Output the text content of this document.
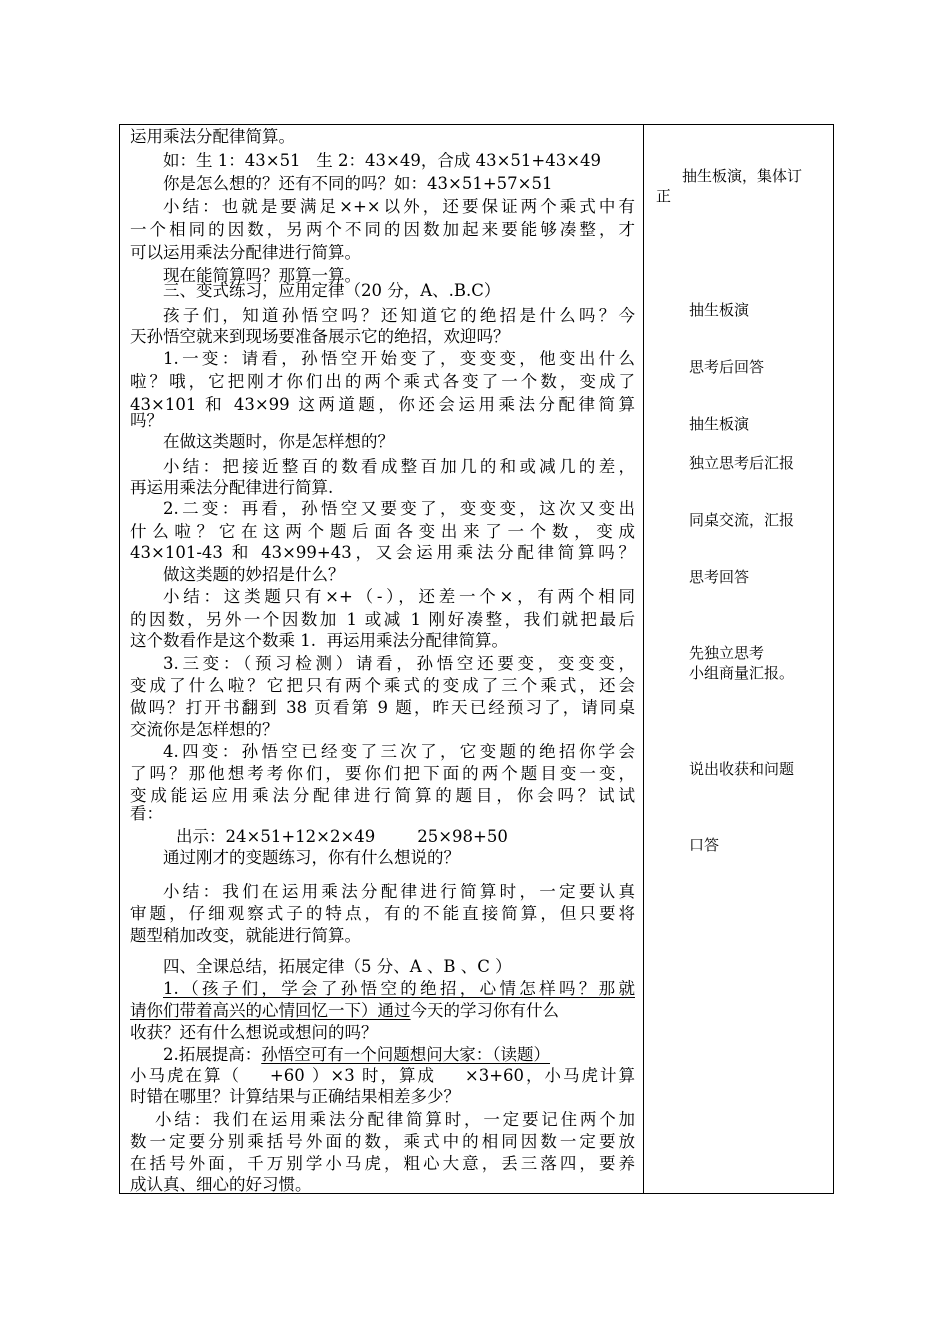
运用乘法分配律简算。
如：生 1：43×51   生 2：43×49，合成 43×51+43×49
你是怎么想的？还有不同的吗？如：43×51+57×51
小结：也就是要满足×+×以外，还要保证两个乘式中有
一个相同的因数，另两个不同的因数加起来要能够凑整，才
可以运用乘法分配律进行简算。
现在能简算吗？那算一算。
三、变式练习，应用定律（20 分，A、.B.C）
孩子们，知道孙悟空吗？还知道它的绝招是什么吗？今
天孙悟空就来到现场要准备展示它的绝招，欢迎吗？
1.一变：请看，孙悟空开始变了，变变变，他变出什么
啦？哦，它把刚才你们出的两个乘式各变了一个数，变成了
43×101 和 43×99 这两道题，你还会运用乘法分配律简算
吗？
在做这类题时，你是怎样想的？
小结：把接近整百的数看成整百加几的和或减几的差，
再运用乘法分配律进行简算.
2.二变：再看，孙悟空又要变了，变变变，这次又变出
什么啦？它在这两个题后面各变出来了一个数，变成
43×101-43 和 43×99+43，又会运用乘法分配律简算吗？
做这类题的妙招是什么？
小结：这类题只有×+（-），还差一个×，有两个相同
的因数，另外一个因数加 1 或减 1 刚好凑整，我们就把最后
这个数看作是这个数乘 1.  再运用乘法分配律简算。
3.三变：（预习检测）请看，孙悟空还要变，变变变，
变成了什么啦？它把只有两个乘式的变成了三个乘式，还会
做吗？打开书翻到 38 页看第 9 题，昨天已经预习了，请同桌
交流你是怎样想的？
4.四变：孙悟空已经变了三次了，它变题的绝招你学会
了吗？那他想考考你们，要你们把下面的两个题目变一变，
变成能运应用乘法分配律进行简算的题目，你会吗？试试
看：
出示：24×51+12×2×49        25×98+50
通过刚才的变题练习，你有什么想说的？
小结：我们在运用乘法分配律进行简算时，一定要认真
审题，仔细观察式子的特点，有的不能直接简算，但只要将
题型稍加改变，就能进行简算。
四、全课总结，拓展定律（5 分、A 、B 、C ）
1.（孩子们，学会了孙悟空的绝招，心情怎样吗？那就
请你们带着高兴的心情回忆一下）通过今天的学习你有什么
收获？还有什么想说或想问的吗？
2.拓展提高：孙悟空可有一个问题想问大家：（读题）
小马虎在算（    +60 ）×3 时，算成    ×3+60，小马虎计算
时错在哪里？计算结果与正确结果相差多少？
小结：我们在运用乘法分配律简算时，一定要记住两个加
数一定要分别乘括号外面的数，乘式中的相同因数一定要放
在括号外面，千万别学小马虎，粗心大意，丢三落四，要养
成认真、细心的好习惯。
抽生板演，集体订
正
抽生板演
思考后回答
抽生板演
独立思考后汇报
同桌交流，汇报
思考回答
先独立思考
小组商量汇报。
说出收获和问题
口答
